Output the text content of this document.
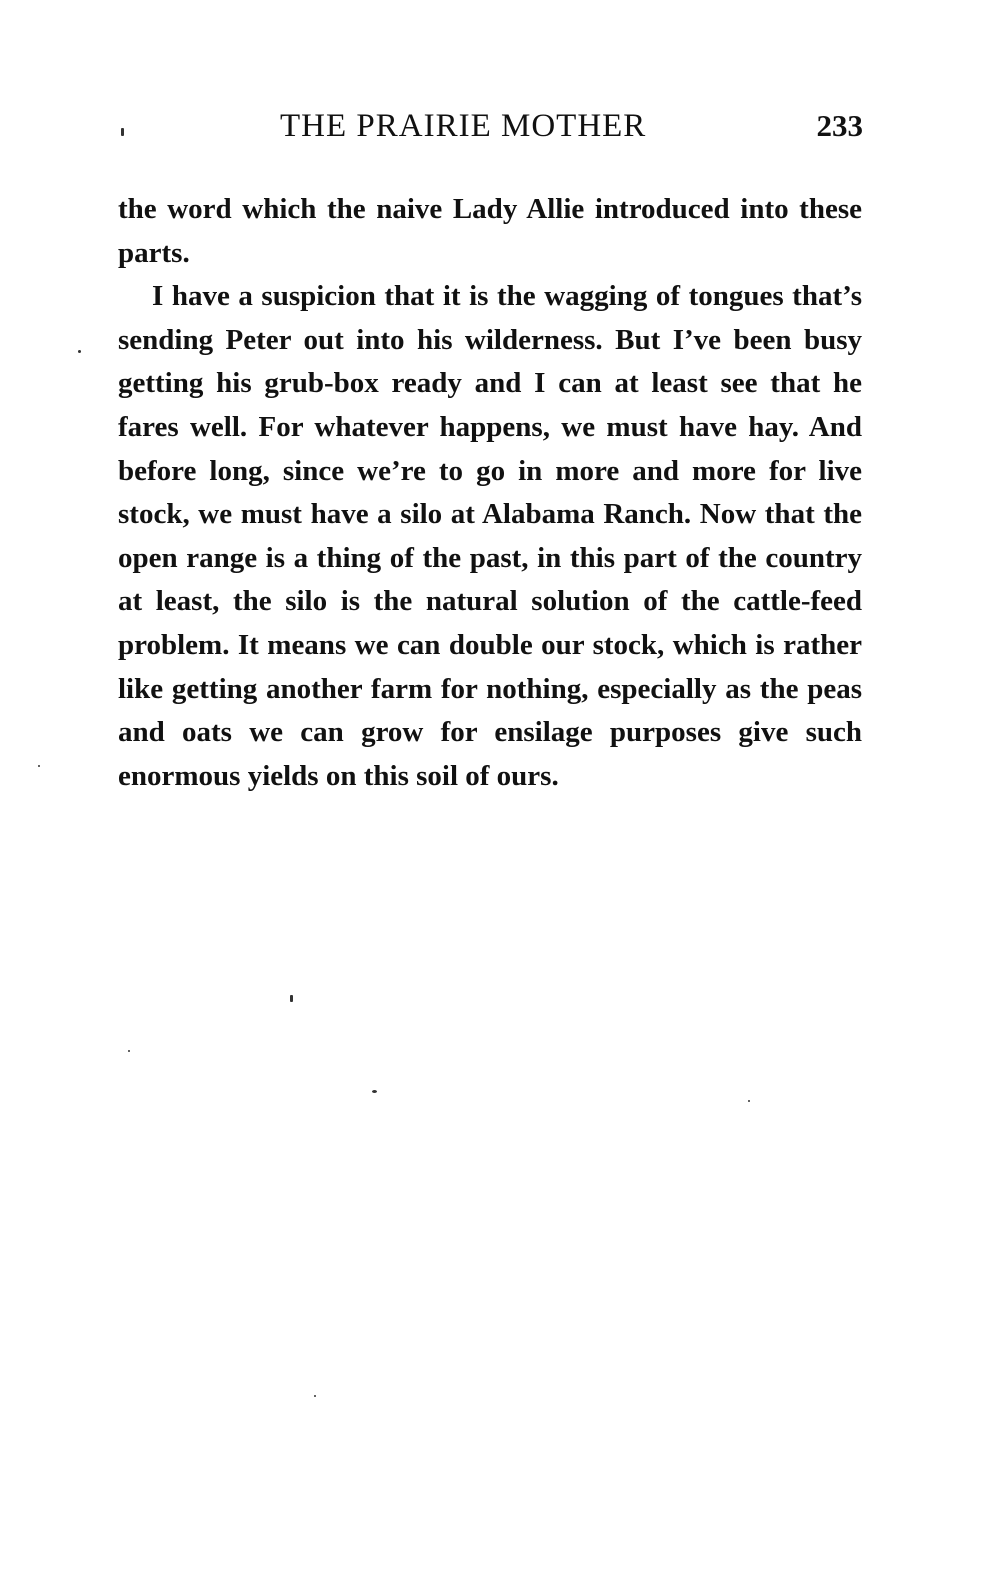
THE PRAIRIE MOTHER	233

the word which the naive Lady Allie introduced into these parts.

I have a suspicion that it is the wagging of tongues that’s sending Peter out into his wilderness. But I’ve been busy getting his grub-box ready and I can at least see that he fares well. For whatever happens, we must have hay. And before long, since we’re to go in more and more for live stock, we must have a silo at Alabama Ranch. Now that the open range is a thing of the past, in this part of the country at least, the silo is the natural solution of the cattle-feed problem. It means we can double our stock, which is rather like getting another farm for nothing, especially as the peas and oats we can grow for ensilage purposes give such enormous yields on this soil of ours.
